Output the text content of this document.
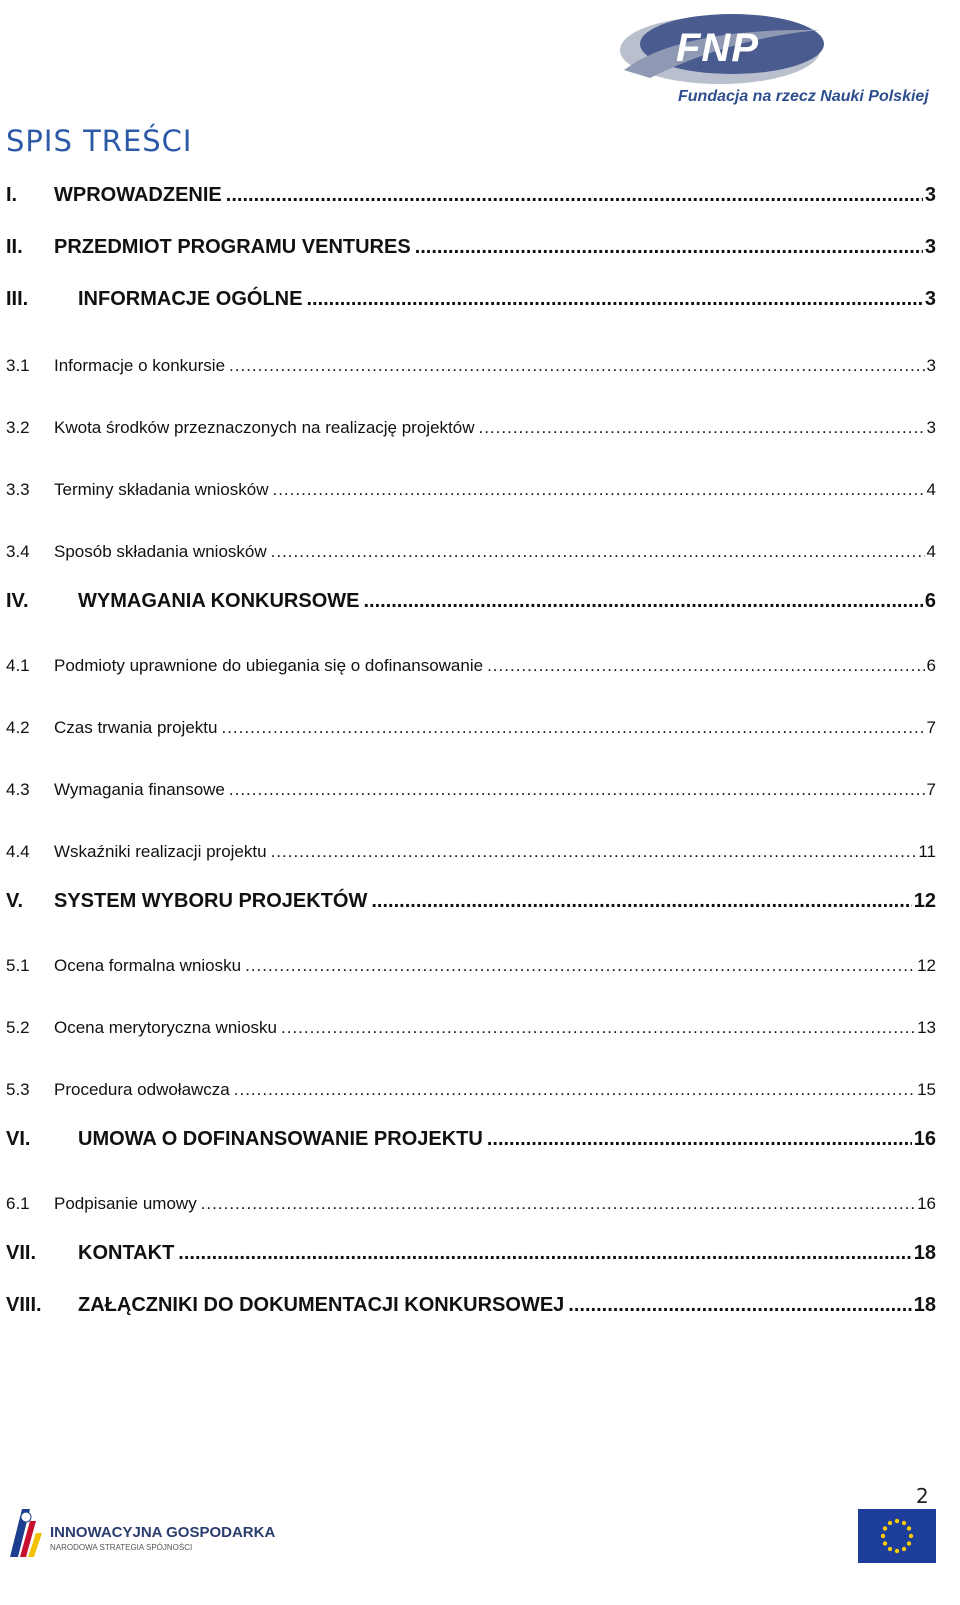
FNP
Fundacja na rzecz Nauki Polskiej
SPIS TREŚCI
I.	WPROWADZENIE .....	3
II.	PRZEDMIOT PROGRAMU VENTURES .....	3
III.	INFORMACJE OGÓLNE .....	3
3.1	Informacje o konkursie .....	3
3.2	Kwota środków przeznaczonych na realizację projektów .....	3
3.3	Terminy składania wniosków .....	4
3.4	Sposób składania wniosków .....	4
IV.	WYMAGANIA KONKURSOWE .....	6
4.1	Podmioty uprawnione do ubiegania się o dofinansowanie .....	6
4.2	Czas trwania projektu .....	7
4.3	Wymagania finansowe .....	7
4.4	Wskaźniki realizacji projektu .....	11
V.	SYSTEM WYBORU PROJEKTÓW .....	12
5.1	Ocena formalna wniosku .....	12
5.2	Ocena merytoryczna wniosku .....	13
5.3	Procedura odwoławcza .....	15
VI.	UMOWA O DOFINANSOWANIE PROJEKTU .....	16
6.1	Podpisanie umowy .....	16
VII.	KONTAKT .....	18
VIII.	ZAŁĄCZNIKI DO DOKUMENTACJI KONKURSOWEJ .....	18
2
INNOWACYJNA GOSPODARKA
NARODOWA STRATEGIA SPÓJNOŚCI
